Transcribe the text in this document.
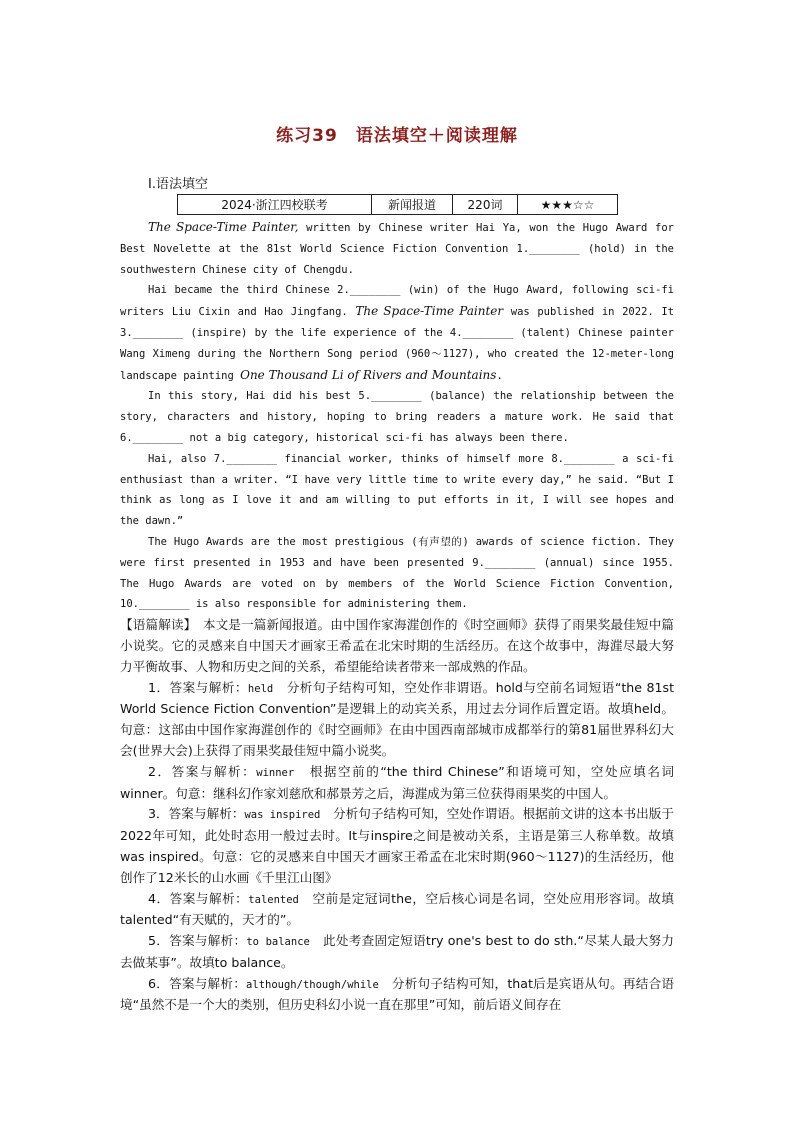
练习39　语法填空＋阅读理解
Ⅰ.语法填空
2024·浙江四校联考	新闻报道	220词	★★★☆☆

The Space-Time Painter, written by Chinese writer Hai Ya, won the Hugo Award for Best Novelette at the 81st World Science Fiction Convention 1.________ (hold) in the southwestern Chinese city of Chengdu.

Hai became the third Chinese 2.________ (win) of the Hugo Award, following sci-fi writers Liu Cixin and Hao Jingfang. The Space-Time Painter was published in 2022. It 3.________ (inspire) by the life experience of the 4.________ (talent) Chinese painter Wang Ximeng during the Northern Song period (960～1127), who created the 12-meter-long landscape painting One Thousand Li of Rivers and Mountains.

In this story, Hai did his best 5.________ (balance) the relationship between the story, characters and history, hoping to bring readers a mature work. He said that 6.________ not a big category, historical sci-fi has always been there.

Hai, also 7.________ financial worker, thinks of himself more 8.________ a sci-fi enthusiast than a writer. “I have very little time to write every day,” he said. “But I think as long as I love it and am willing to put efforts in it, I will see hopes and the dawn.”

The Hugo Awards are the most prestigious (有声望的) awards of science fiction. They were first presented in 1953 and have been presented 9.________ (annual) since 1955. The Hugo Awards are voted on by members of the World Science Fiction Convention, 10.________ is also responsible for administering them.

【语篇解读】　本文是一篇新闻报道。由中国作家海漄创作的《时空画师》获得了雨果奖最佳短中篇小说奖。它的灵感来自中国天才画家王希孟在北宋时期的生活经历。在这个故事中，海漄尽最大努力平衡故事、人物和历史之间的关系，希望能给读者带来一部成熟的作品。

1．答案与解析：held　分析句子结构可知，空处作非谓语。hold与空前名词短语“the 81st World Science Fiction Convention”是逻辑上的动宾关系，用过去分词作后置定语。故填held。句意：这部由中国作家海漄创作的《时空画师》在由中国西南部城市成都举行的第81届世界科幻大会(世界大会)上获得了雨果奖最佳短中篇小说奖。

2．答案与解析：winner　根据空前的“the third Chinese”和语境可知，空处应填名词winner。句意：继科幻作家刘慈欣和郝景芳之后，海漄成为第三位获得雨果奖的中国人。

3．答案与解析：was inspired　分析句子结构可知，空处作谓语。根据前文讲的这本书出版于2022年可知，此处时态用一般过去时。It与inspire之间是被动关系，主语是第三人称单数。故填was inspired。句意：它的灵感来自中国天才画家王希孟在北宋时期(960～1127)的生活经历，他创作了12米长的山水画《千里江山图》

4．答案与解析：talented　空前是定冠词the，空后核心词是名词，空处应用形容词。故填talented“有天赋的，天才的”。

5．答案与解析：to balance　此处考查固定短语try one's best to do sth.“尽某人最大努力去做某事”。故填to balance。

6．答案与解析：although/though/while　分析句子结构可知，that后是宾语从句。再结合语境“虽然不是一个大的类别，但历史科幻小说一直在那里”可知，前后语义间存在
